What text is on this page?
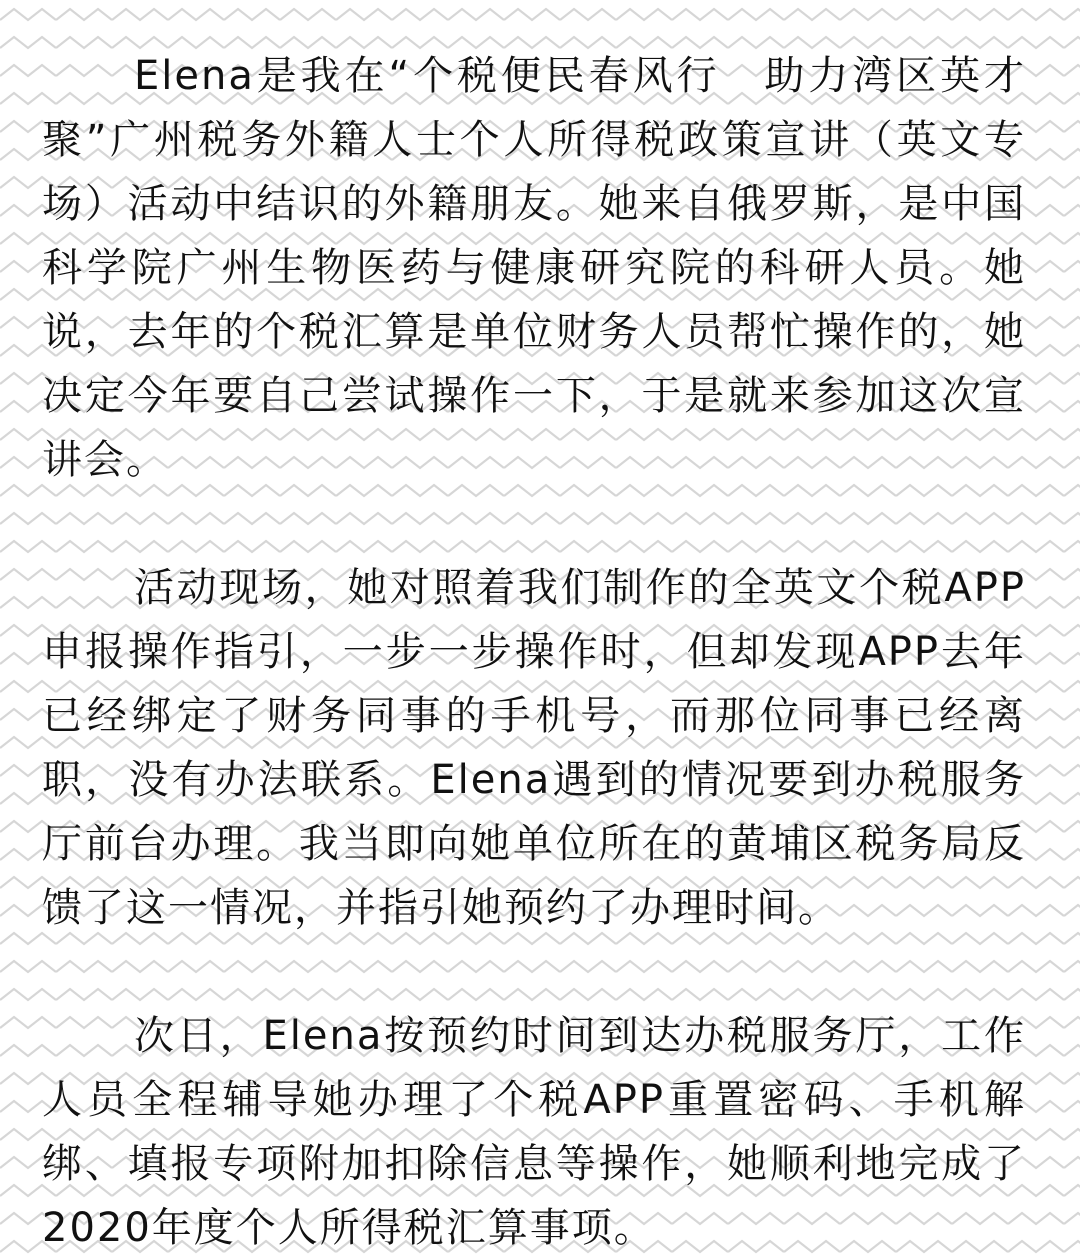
Elena是我在“个税便民春风行　助力湾区英才聚”广州税务外籍人士个人所得税政策宣讲（英文专场）活动中结识的外籍朋友。她来自俄罗斯，是中国科学院广州生物医药与健康研究院的科研人员。她说，去年的个税汇算是单位财务人员帮忙操作的，她决定今年要自己尝试操作一下，于是就来参加这次宣讲会。

活动现场，她对照着我们制作的全英文个税APP申报操作指引，一步一步操作时，但却发现APP去年已经绑定了财务同事的手机号，而那位同事已经离职，没有办法联系。Elena遇到的情况要到办税服务厅前台办理。我当即向她单位所在的黄埔区税务局反馈了这一情况，并指引她预约了办理时间。

次日，Elena按预约时间到达办税服务厅，工作人员全程辅导她办理了个税APP重置密码、手机解绑、填报专项附加扣除信息等操作，她顺利地完成了2020年度个人所得税汇算事项。
